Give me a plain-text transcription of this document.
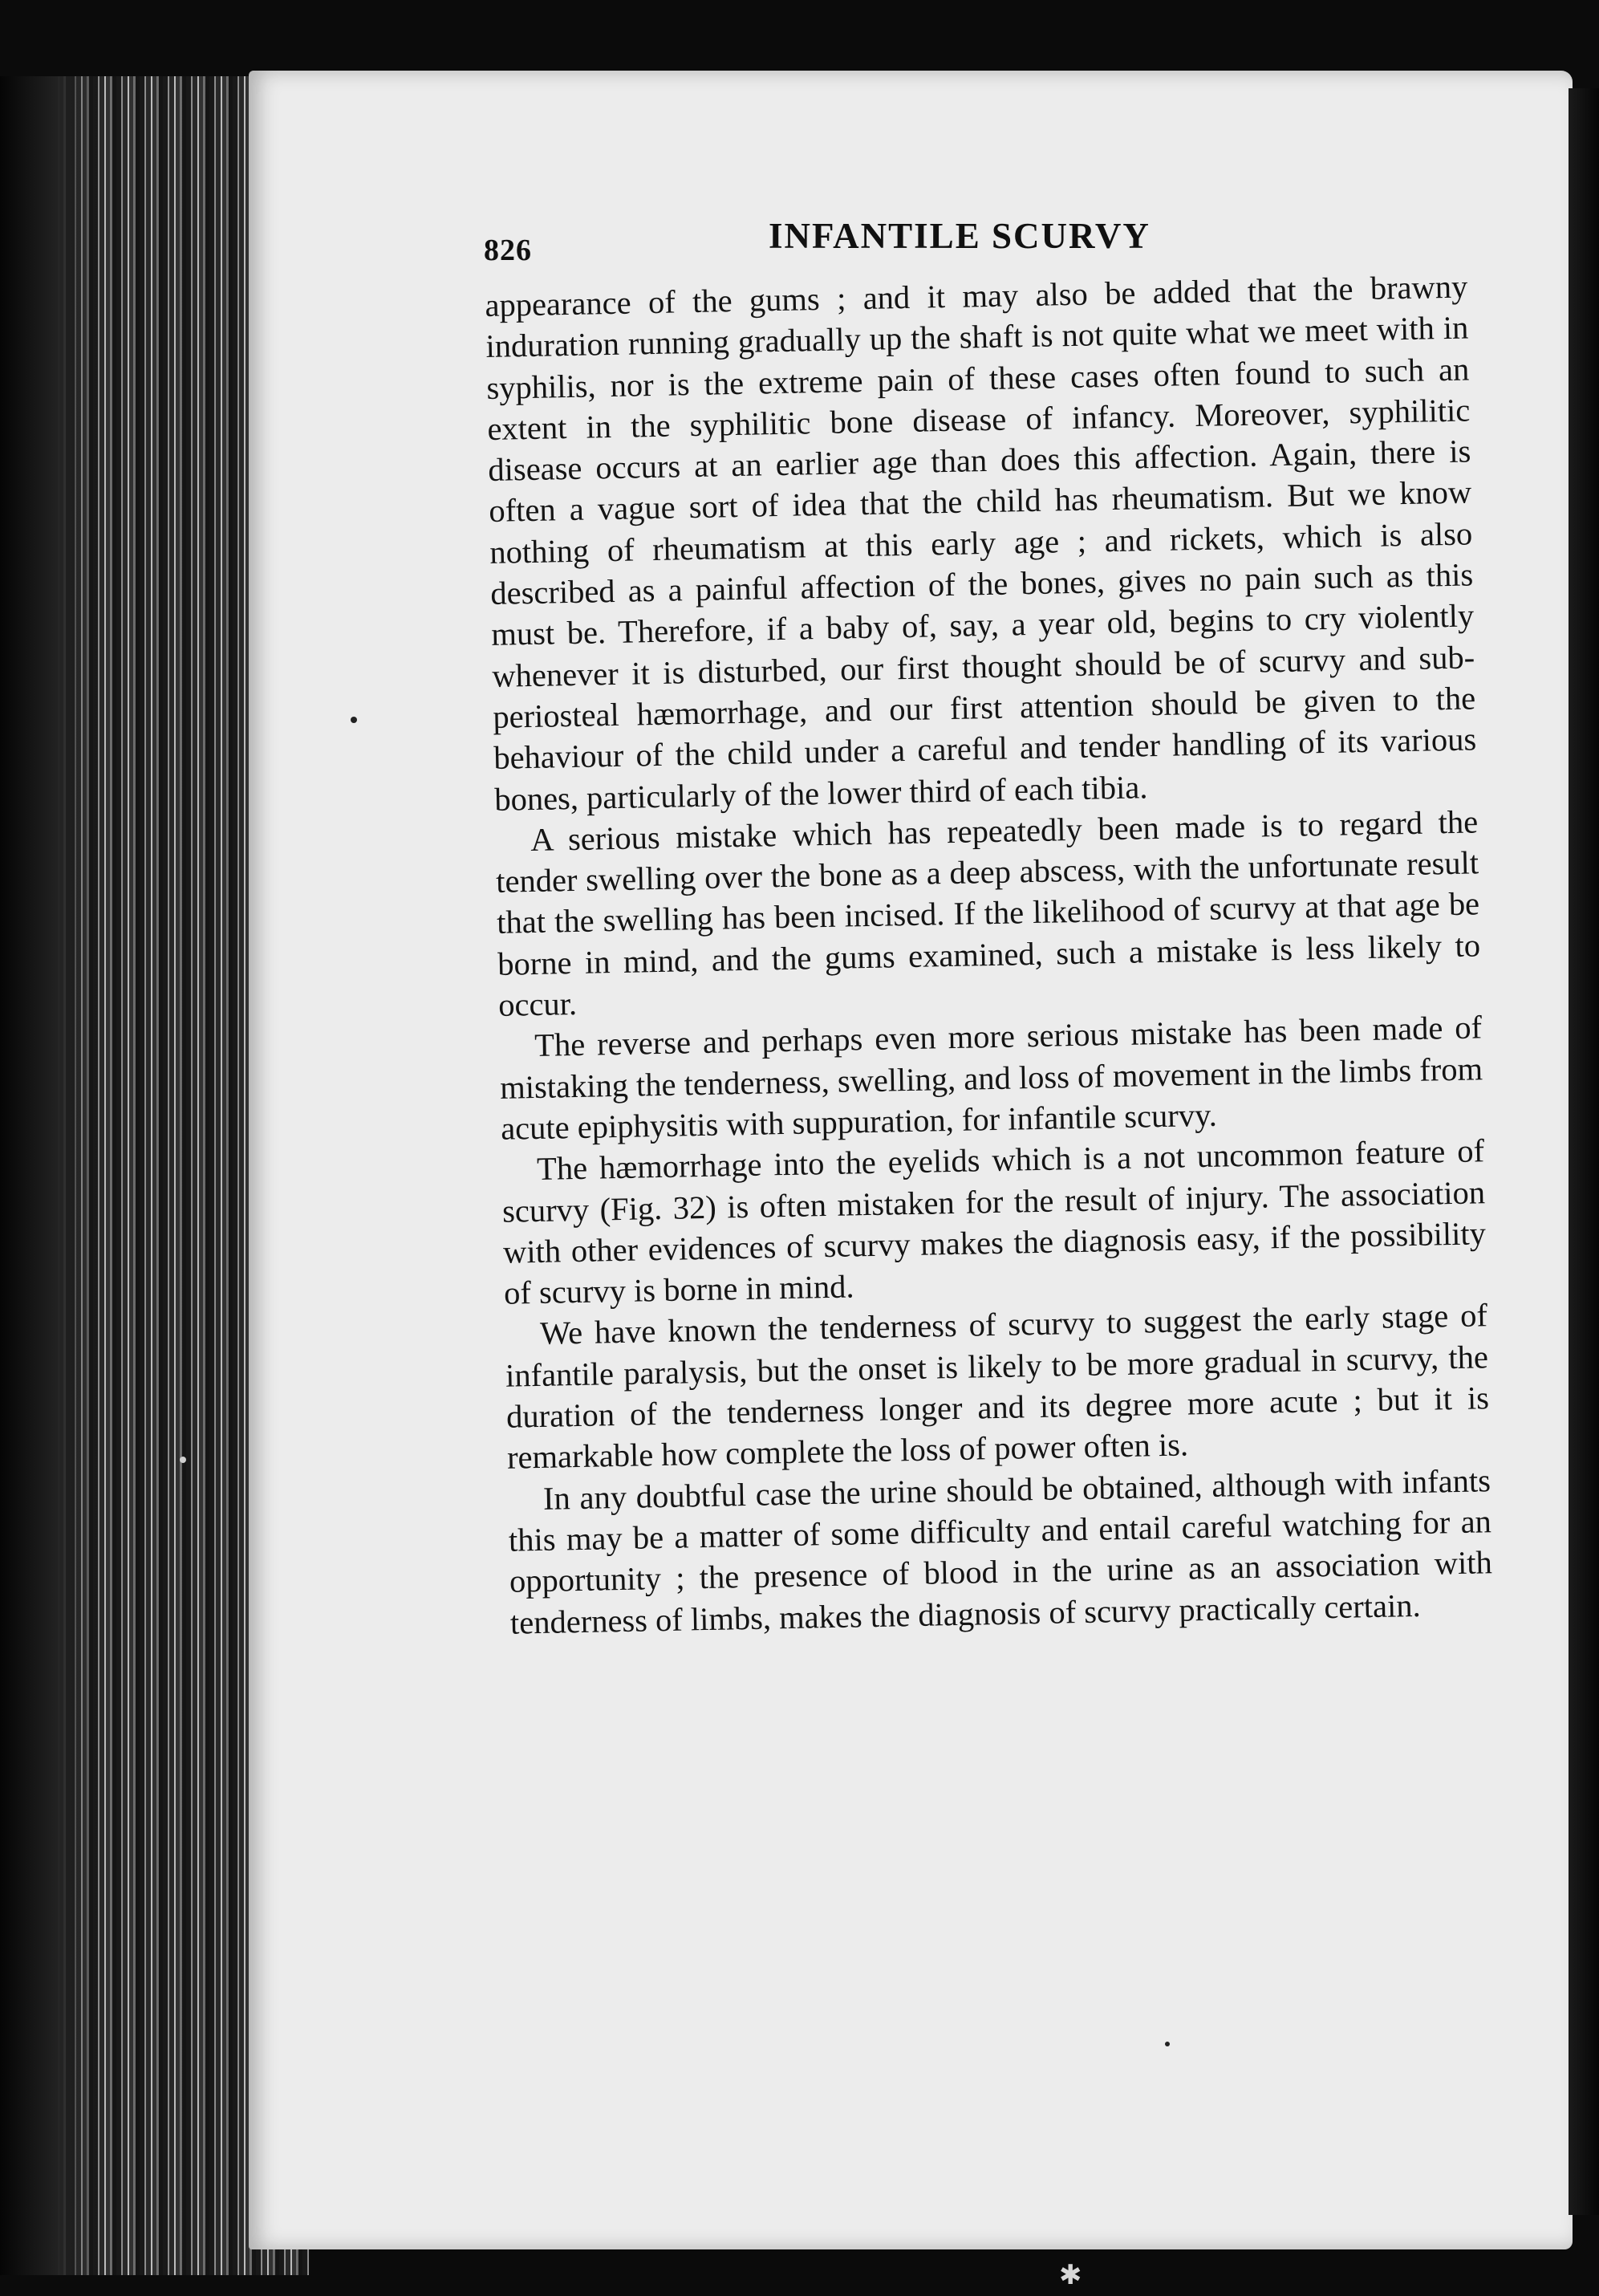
826	INFANTILE SCURVY

appearance of the gums ; and it may also be added that the brawny induration running gradually up the shaft is not quite what we meet with in syphilis, nor is the extreme pain of these cases often found to such an extent in the syphilitic bone disease of infancy. Moreover, syphilitic disease occurs at an earlier age than does this affection. Again, there is often a vague sort of idea that the child has rheumatism. But we know nothing of rheumatism at this early age ; and rickets, which is also described as a painful affection of the bones, gives no pain such as this must be. Therefore, if a baby of, say, a year old, begins to cry violently whenever it is disturbed, our first thought should be of scurvy and sub-periosteal hæmorrhage, and our first attention should be given to the behaviour of the child under a careful and tender handling of its various bones, particularly of the lower third of each tibia.

A serious mistake which has repeatedly been made is to regard the tender swelling over the bone as a deep abscess, with the unfortunate result that the swelling has been incised. If the likelihood of scurvy at that age be borne in mind, and the gums examined, such a mistake is less likely to occur.

The reverse and perhaps even more serious mistake has been made of mistaking the tenderness, swelling, and loss of movement in the limbs from acute epiphysitis with suppuration, for infantile scurvy.

The hæmorrhage into the eyelids which is a not uncommon feature of scurvy (Fig. 32) is often mistaken for the result of injury. The association with other evidences of scurvy makes the diagnosis easy, if the possibility of scurvy is borne in mind.

We have known the tenderness of scurvy to suggest the early stage of infantile paralysis, but the onset is likely to be more gradual in scurvy, the duration of the tenderness longer and its degree more acute ; but it is remarkable how complete the loss of power often is.

In any doubtful case the urine should be obtained, although with infants this may be a matter of some difficulty and entail careful watching for an opportunity ; the presence of blood in the urine as an association with tenderness of limbs, makes the diagnosis of scurvy practically certain.

✱
